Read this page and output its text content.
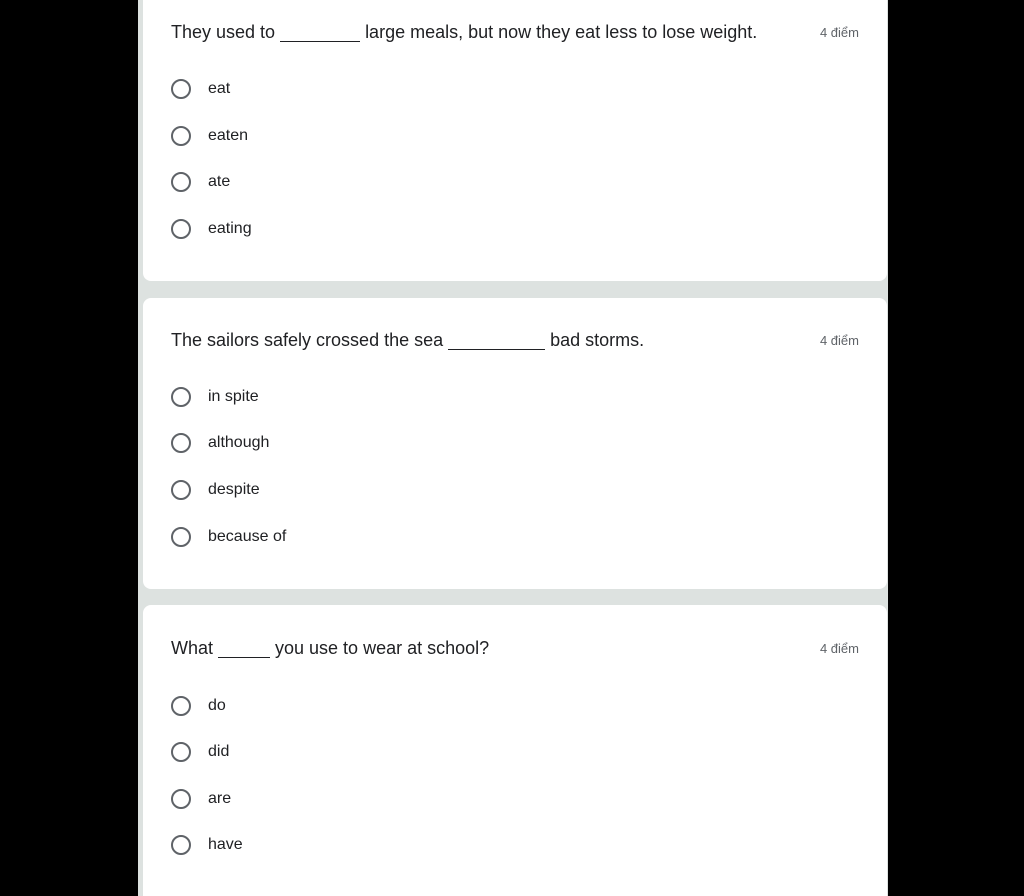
They used to	large meals, but now they eat less to lose weight.	4 điểm
eat
eaten
ate
eating
The sailors safely crossed the sea	bad storms.	4 điểm
in spite
although
despite
because of
What	you use to wear at school?	4 điểm
do
did
are
have
